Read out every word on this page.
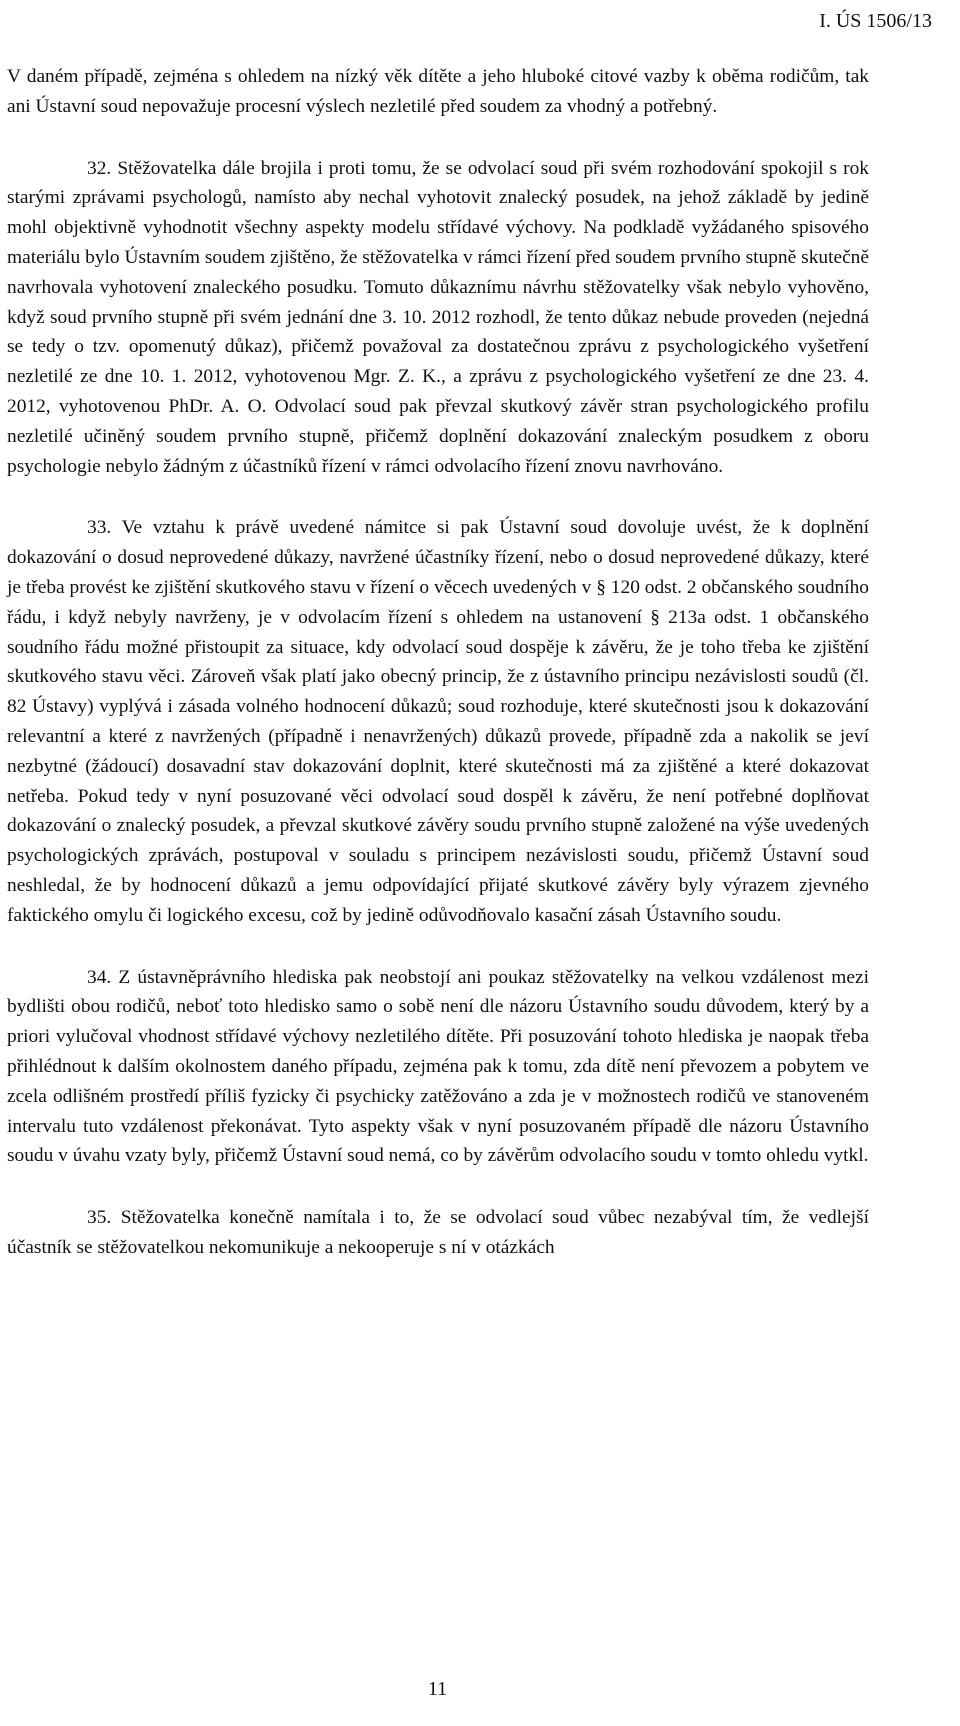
I. ÚS 1506/13

V daném případě, zejména s ohledem na nízký věk dítěte a jeho hluboké citové vazby k oběma rodičům, tak ani Ústavní soud nepovažuje procesní výslech nezletilé před soudem za vhodný a potřebný.

32. Stěžovatelka dále brojila i proti tomu, že se odvolací soud při svém rozhodování spokojil s rok starými zprávami psychologů, namísto aby nechal vyhotovit znalecký posudek, na jehož základě by jedině mohl objektivně vyhodnotit všechny aspekty modelu střídavé výchovy. Na podkladě vyžádaného spisového materiálu bylo Ústavním soudem zjištěno, že stěžovatelka v rámci řízení před soudem prvního stupně skutečně navrhovala vyhotovení znaleckého posudku. Tomuto důkaznímu návrhu stěžovatelky však nebylo vyhověno, když soud prvního stupně při svém jednání dne 3. 10. 2012 rozhodl, že tento důkaz nebude proveden (nejedná se tedy o tzv. opomenutý důkaz), přičemž považoval za dostatečnou zprávu z psychologického vyšetření nezletilé ze dne 10. 1. 2012, vyhotovenou Mgr. Z. K., a zprávu z psychologického vyšetření ze dne 23. 4. 2012, vyhotovenou PhDr. A. O. Odvolací soud pak převzal skutkový závěr stran psychologického profilu nezletilé učiněný soudem prvního stupně, přičemž doplnění dokazování znaleckým posudkem z oboru psychologie nebylo žádným z účastníků řízení v rámci odvolacího řízení znovu navrhováno.

33. Ve vztahu k právě uvedené námitce si pak Ústavní soud dovoluje uvést, že k doplnění dokazování o dosud neprovedené důkazy, navržené účastníky řízení, nebo o dosud neprovedené důkazy, které je třeba provést ke zjištění skutkového stavu v řízení o věcech uvedených v § 120 odst. 2 občanského soudního řádu, i když nebyly navrženy, je v odvolacím řízení s ohledem na ustanovení § 213a odst. 1 občanského soudního řádu možné přistoupit za situace, kdy odvolací soud dospěje k závěru, že je toho třeba ke zjištění skutkového stavu věci. Zároveň však platí jako obecný princip, že z ústavního principu nezávislosti soudů (čl. 82 Ústavy) vyplývá i zásada volného hodnocení důkazů; soud rozhoduje, které skutečnosti jsou k dokazování relevantní a které z navržených (případně i nenavržených) důkazů provede, případně zda a nakolik se jeví nezbytné (žádoucí) dosavadní stav dokazování doplnit, které skutečnosti má za zjištěné a které dokazovat netřeba. Pokud tedy v nyní posuzované věci odvolací soud dospěl k závěru, že není potřebné doplňovat dokazování o znalecký posudek, a převzal skutkové závěry soudu prvního stupně založené na výše uvedených psychologických zprávách, postupoval v souladu s principem nezávislosti soudu, přičemž Ústavní soud neshledal, že by hodnocení důkazů a jemu odpovídající přijaté skutkové závěry byly výrazem zjevného faktického omylu či logického excesu, což by jedině odůvodňovalo kasační zásah Ústavního soudu.

34. Z ústavněprávního hlediska pak neobstojí ani poukaz stěžovatelky na velkou vzdálenost mezi bydlišti obou rodičů, neboť toto hledisko samo o sobě není dle názoru Ústavního soudu důvodem, který by a priori vylučoval vhodnost střídavé výchovy nezletilého dítěte. Při posuzování tohoto hlediska je naopak třeba přihlédnout k dalším okolnostem daného případu, zejména pak k tomu, zda dítě není převozem a pobytem ve zcela odlišném prostředí příliš fyzicky či psychicky zatěžováno a zda je v možnostech rodičů ve stanoveném intervalu tuto vzdálenost překonávat. Tyto aspekty však v nyní posuzovaném případě dle názoru Ústavního soudu v úvahu vzaty byly, přičemž Ústavní soud nemá, co by závěrům odvolacího soudu v tomto ohledu vytkl.

35. Stěžovatelka konečně namítala i to, že se odvolací soud vůbec nezabýval tím, že vedlejší účastník se stěžovatelkou nekomunikuje a nekooperuje s ní v otázkách

11
